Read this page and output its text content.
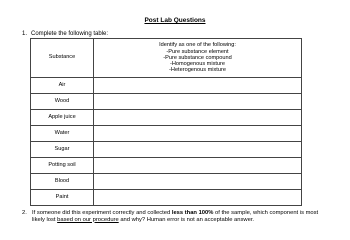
Post Lab Questions
1. Complete the following table:
Substance	Identify as one of the following:
-Pure substance element
-Pure substance compound
-Homogenous mixture
-Heterogenous mixture

Air	
Wood	
Apple juice	
Water	
Sugar	
Potting soil	
Blood	
Paint	
2. If someone did this experiment correctly and collected less than 100% of the sample, which component is most likely lost based on our procedure and why? Human error is not an acceptable answer.
